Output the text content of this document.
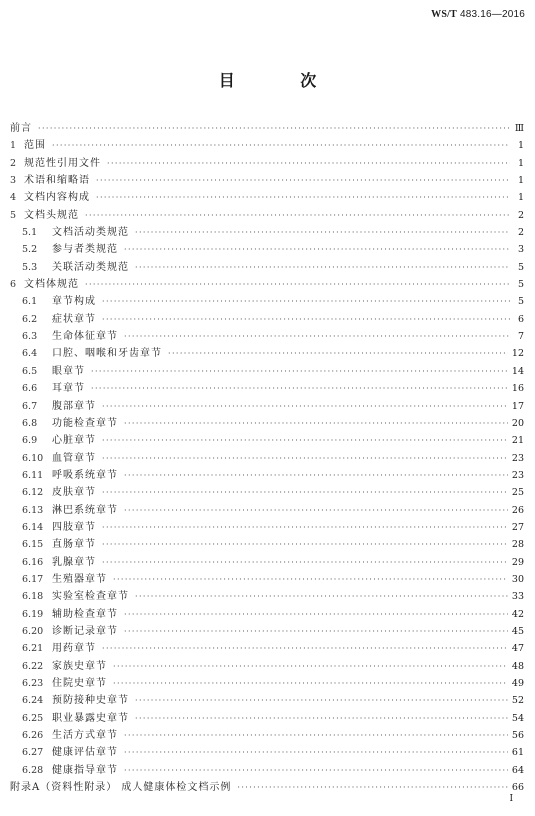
WS/T 483.16—2016
目 次
前言 ·····	Ⅲ
1 范围 ·····	1
2 规范性引用文件 ·····	1
3 术语和缩略语 ·····	1
4 文档内容构成 ·····	1
5 文档头规范 ·····	2
5.1	文档活动类规范 ·····	2
5.2	参与者类规范 ·····	3
5.3	关联活动类规范 ·····	5
6 文档体规范 ·····	5
6.1	章节构成 ·····	5
6.2	症状章节 ·····	6
6.3	生命体征章节 ·····	7
6.4	口腔、咽喉和牙齿章节 ·····	12
6.5	眼章节 ·····	14
6.6	耳章节 ·····	16
6.7	腹部章节 ·····	17
6.8	功能检查章节 ·····	20
6.9	心脏章节 ·····	21
6.10 血管章节 ·····	23
6.11 呼吸系统章节 ·····	23
6.12 皮肤章节 ·····	25
6.13 淋巴系统章节 ·····	26
6.14 四肢章节 ·····	27
6.15 直肠章节 ·····	28
6.16 乳腺章节 ·····	29
6.17 生殖器章节 ·····	30
6.18 实验室检查章节 ·····	33
6.19 辅助检查章节 ·····	42
6.20 诊断记录章节 ·····	45
6.21 用药章节 ·····	47
6.22 家族史章节 ·····	48
6.23 住院史章节 ·····	49
6.24 预防接种史章节 ·····	52
6.25 职业暴露史章节 ·····	54
6.26 生活方式章节 ·····	56
6.27 健康评估章节 ·····	61
6.28 健康指导章节 ·····	64
附录A（资料性附录） 成人健康体检文档示例 ·····	66
I
